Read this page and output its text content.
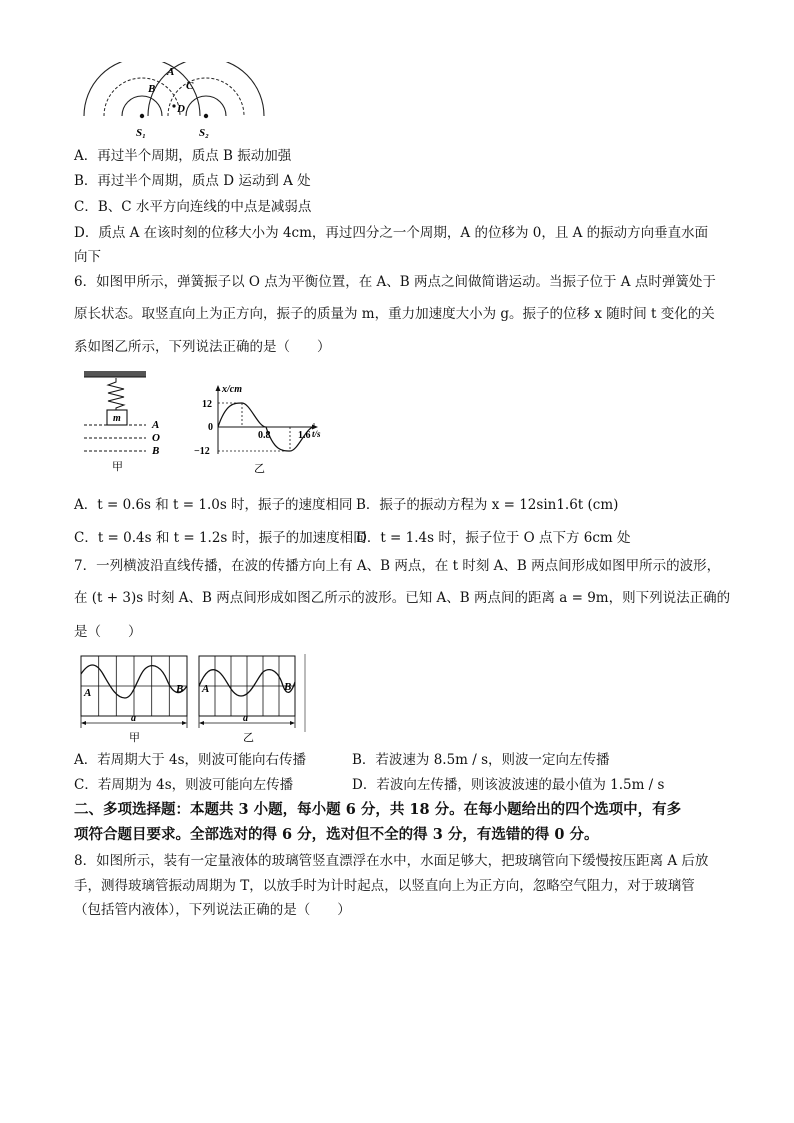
A
B	C
D
S₁	S₂
A．再过半个周期，质点 B 振动加强
B．再过半个周期，质点 D 运动到 A 处
C．B、C 水平方向连线的中点是减弱点
D．质点 A 在该时刻的位移大小为 4cm，再过四分之一个周期，A 的位移为 0，且 A 的振动方向垂直水面
向下
6．如图甲所示，弹簧振子以 O 点为平衡位置，在 A、B 两点之间做简谐运动。当振子位于 A 点时弹簧处于
原长状态。取竖直向上为正方向，振子的质量为 m，重力加速度大小为 g。振子的位移 x 随时间 t 变化的关
系如图乙所示，下列说法正确的是（　　）
m
A
O
B
甲
x/cm
12
0
−12
0.8	1.6 t/s
乙
A．t = 0.6s 和 t = 1.0s 时，振子的速度相同 B．振子的振动方程为 x = 12sin1.6t (cm)
C．t = 0.4s 和 t = 1.2s 时，振子的加速度相同
D．t = 1.4s 时，振子位于 O 点下方 6cm 处
7．一列横波沿直线传播，在波的传播方向上有 A、B 两点，在 t 时刻 A、B 两点间形成如图甲所示的波形，
在 (t + 3)s 时刻 A、B 两点间形成如图乙所示的波形。已知 A、B 两点间的距离 a = 9m，则下列说法正确的
是（　　）
A	B
a
甲
A	B
a
乙
A．若周期大于 4s，则波可能向右传播	B．若波速为 8.5m / s，则波一定向左传播
C．若周期为 4s，则波可能向左传播	D．若波向左传播，则该波波速的最小值为 1.5m / s
二、多项选择题：本题共 3 小题，每小题 6 分，共 18 分。在每小题给出的四个选项中，有多
项符合题目要求。全部选对的得 6 分，选对但不全的得 3 分，有选错的得 0 分。
8．如图所示，装有一定量液体的玻璃管竖直漂浮在水中，水面足够大，把玻璃管向下缓慢按压距离 A 后放
手，测得玻璃管振动周期为 T，以放手时为计时起点，以竖直向上为正方向，忽略空气阻力，对于玻璃管
（包括管内液体），下列说法正确的是（　　）
